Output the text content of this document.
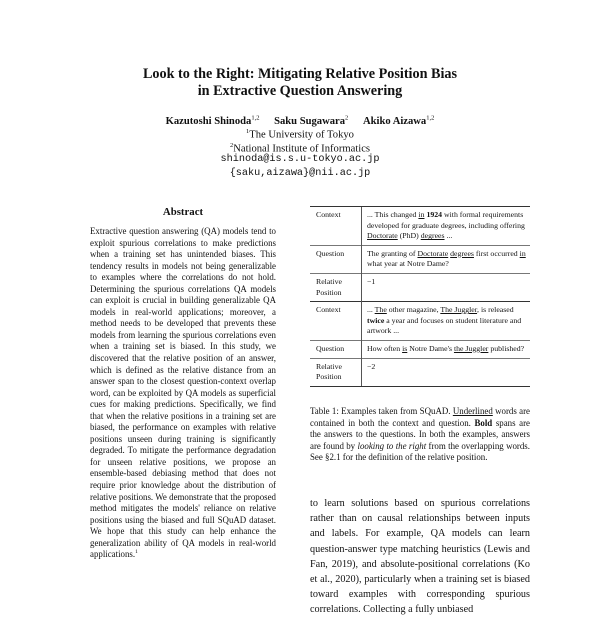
Look to the Right: Mitigating Relative Position Bias
in Extractive Question Answering
Kazutoshi Shinoda$^{1,2}$ Saku Sugawara$^2$ Akiko Aizawa$^{1,2}$
$^1$The University of Tokyo
$^2$National Institute of Informatics
shinoda@is.s.u-tokyo.ac.jp
{saku,aizawa}@nii.ac.jp
Abstract
Extractive question answering (QA) models tend to exploit spurious correlations to make predictions when a training set has unintended biases. This tendency results in models not being generalizable to examples where the correlations do not hold. Determining the spurious correlations QA models can exploit is crucial in building generalizable QA models in real-world applications; moreover, a method needs to be developed that prevents these models from learning the spurious correlations even when a training set is biased. In this study, we discovered that the relative position of an answer, which is defined as the relative distance from an answer span to the closest question-context overlap word, can be exploited by QA models as superficial cues for making predictions. Specifically, we find that when the relative positions in a training set are biased, the performance on examples with relative positions unseen during training is significantly degraded. To mitigate the performance degradation for unseen relative positions, we propose an ensemble-based debiasing method that does not require prior knowledge about the distribution of relative positions. We demonstrate that the proposed method mitigates the models' reliance on relative positions using the biased and full SQuAD dataset. We hope that this study can help enhance the generalization ability of QA models in real-world applications.$^1$
Context	... This changed in 1924 with formal requirements developed for graduate degrees, including offering Doctorate (PhD) degrees ...
Question	The granting of Doctorate degrees first occurred in what year at Notre Dame?
Relative Position	−1
Context	... The other magazine, The Juggler, is released twice a year and focuses on student literature and artwork ...
Question	How often is Notre Dame's the Juggler published?
Relative Position	−2
Table 1: Examples taken from SQuAD. Underlined words are contained in both the context and question. Bold spans are the answers to the questions. In both the examples, answers are found by looking to the right from the overlapping words. See §2.1 for the definition of the relative position.
to learn solutions based on spurious correlations rather than on causal relationships between inputs and labels. For example, QA models can learn question-answer type matching heuristics (Lewis and Fan, 2019), and absolute-positional correlations (Ko et al., 2020), particularly when a training set is biased toward examples with corresponding spurious correlations. Collecting a fully unbiased
